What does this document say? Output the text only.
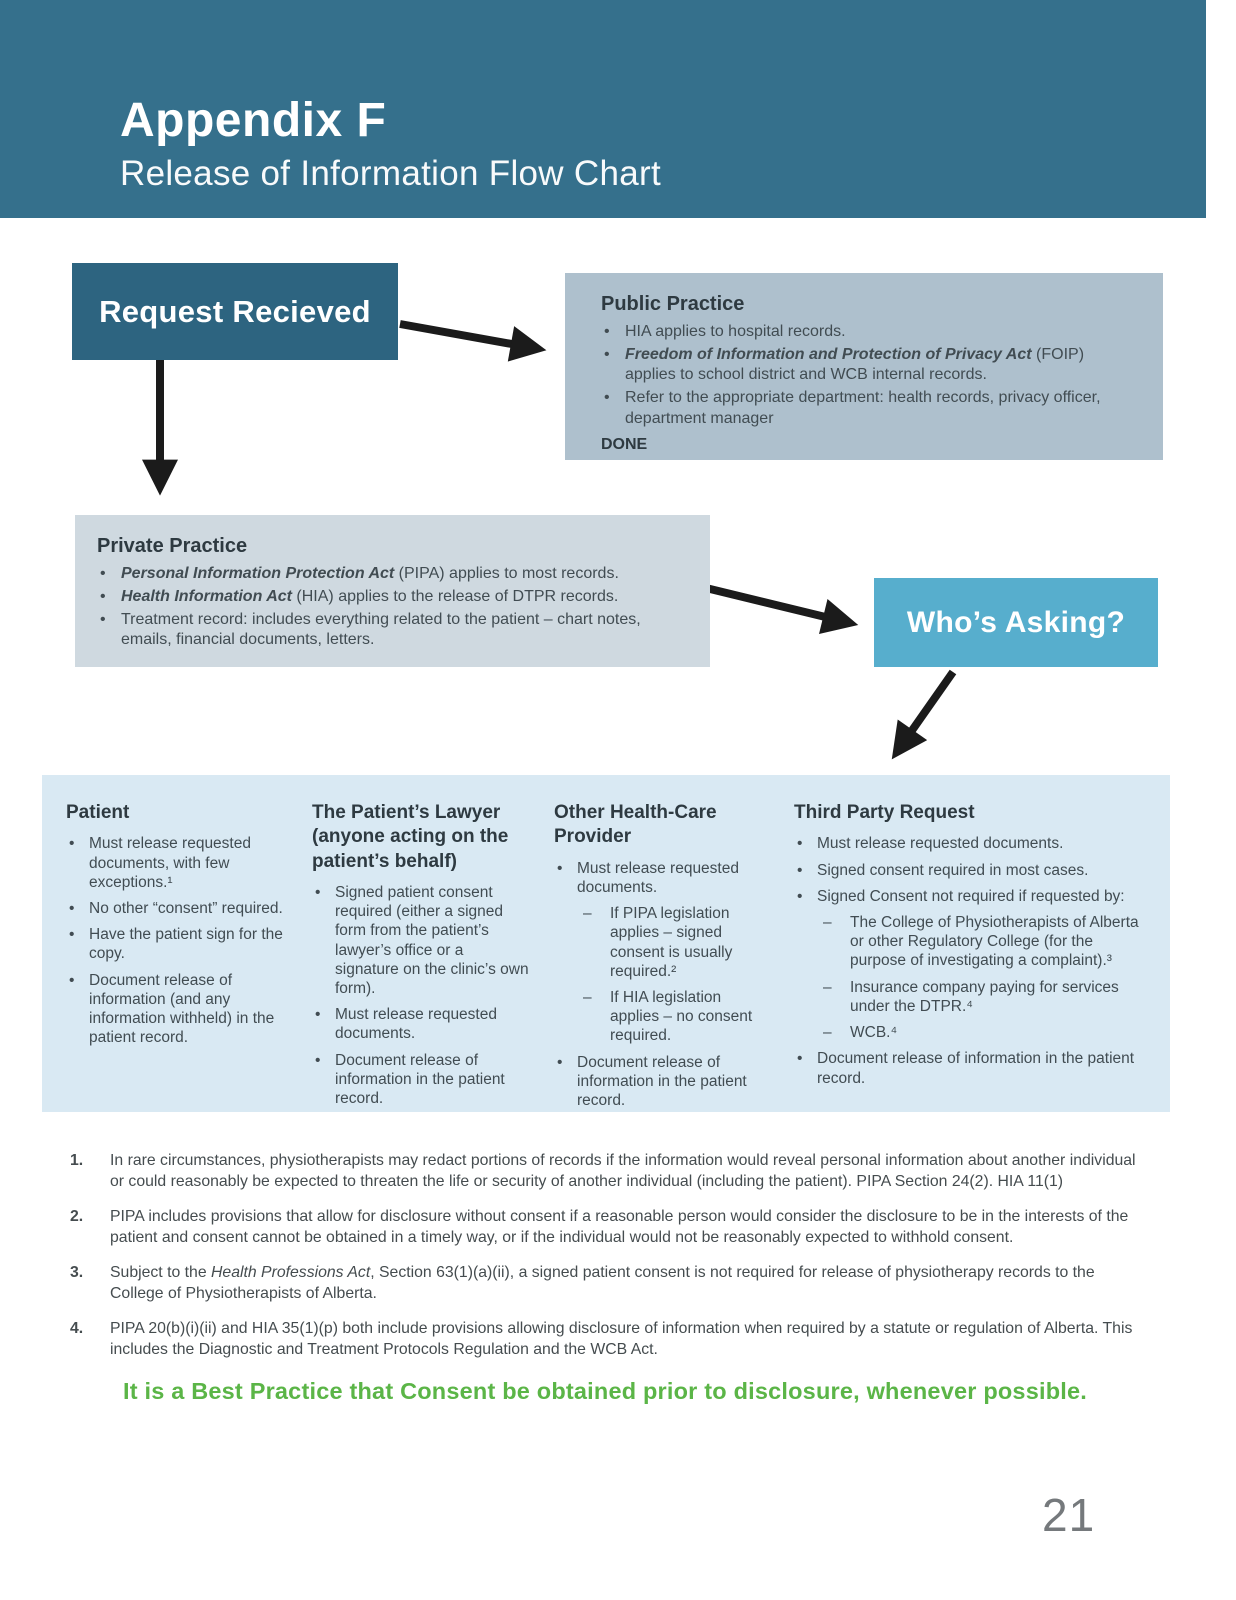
Appendix F
Release of Information Flow Chart
Request Recieved	Public Practice
• HIA applies to hospital records.
• Freedom of Information and Protection of Privacy Act (FOIP) applies to school district and WCB internal records.
• Refer to the appropriate department: health records, privacy officer, department manager
DONE
Private Practice
• Personal Information Protection Act (PIPA) applies to most records.
• Health Information Act (HIA) applies to the release of DTPR records.
• Treatment record: includes everything related to the patient – chart notes, emails, financial documents, letters.
Who’s Asking?
Patient
• Must release requested documents, with few exceptions.¹
• No other “consent” required.
• Have the patient sign for the copy.
• Document release of information (and any information withheld) in the patient record.
The Patient’s Lawyer (anyone acting on the patient’s behalf)
• Signed patient consent required (either a signed form from the patient’s lawyer’s office or a signature on the clinic’s own form).
• Must release requested documents.
• Document release of information in the patient record.
Other Health-Care Provider
• Must release requested documents.
–	If PIPA legislation applies – signed consent is usually required.²
–	If HIA legislation applies – no consent required.
• Document release of information in the patient record.
Third Party Request
• Must release requested documents.
• Signed consent required in most cases.
• Signed Consent not required if requested by:
–	The College of Physiotherapists of Alberta or other Regulatory College (for the purpose of investigating a complaint).³
–	Insurance company paying for services under the DTPR.⁴
–	WCB.⁴
• Document release of information in the patient record.
1.	In rare circumstances, physiotherapists may redact portions of records if the information would reveal personal information about another individual or could reasonably be expected to threaten the life or security of another individual (including the patient). PIPA Section 24(2). HIA 11(1)
2.	PIPA includes provisions that allow for disclosure without consent if a reasonable person would consider the disclosure to be in the interests of the patient and consent cannot be obtained in a timely way, or if the individual would not be reasonably expected to withhold consent.
3.	Subject to the Health Professions Act, Section 63(1)(a)(ii), a signed patient consent is not required for release of physiotherapy records to the College of Physiotherapists of Alberta.
4.	PIPA 20(b)(i)(ii) and HIA 35(1)(p) both include provisions allowing disclosure of information when required by a statute or regulation of Alberta. This includes the Diagnostic and Treatment Protocols Regulation and the WCB Act.
It is a Best Practice that Consent be obtained prior to disclosure, whenever possible.
21
